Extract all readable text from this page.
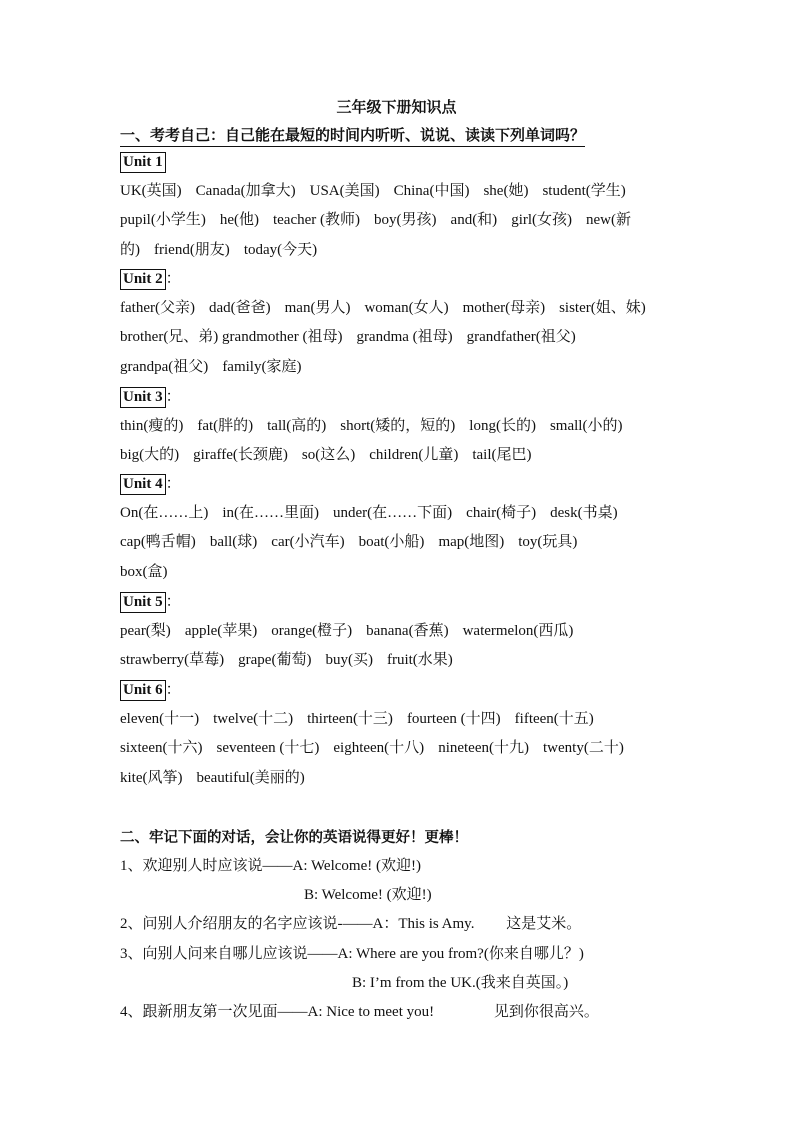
三年级下册知识点
一、考考自己：自己能在最短的时间内听听、说说、读读下列单词吗？
Unit 1
UK(英国) Canada(加拿大) USA(美国) China(中国) she(她) student(学生)
pupil(小学生) he(他) teacher (教师) boy(男孩) and(和) girl(女孩) new(新
的) friend(朋友) today(今天)
Unit 2 ：
father(父亲) dad(爸爸) man(男人) woman(女人) mother(母亲) sister(姐、妹)
brother(兄、弟) grandmother (祖母) grandma (祖母) grandfather(祖父)
grandpa(祖父) family(家庭)
Unit 3 ：
thin(瘦的) fat(胖的) tall(高的) short(矮的，短的) long(长的) small(小的)
big(大的) giraffe(长颈鹿) so(这么) children(儿童) tail(尾巴)
Unit 4 ：
On(在……上) in(在……里面) under(在……下面) chair(椅子) desk(书桌)
cap(鸭舌帽) ball(球) car(小汽车) boat(小船) map(地图) toy(玩具)
box(盒)
Unit 5 ：
pear(梨) apple(苹果) orange(橙子) banana(香蕉) watermelon(西瓜)
strawberry(草莓) grape(葡萄) buy(买) fruit(水果)
Unit 6 ：
eleven(十一) twelve(十二) thirteen(十三) fourteen (十四) fifteen(十五)
sixteen(十六) seventeen (十七) eighteen(十八) nineteen(十九) twenty(二十)
kite(风筝) beautiful(美丽的)
二、牢记下面的对话，会让你的英语说得更好！更棒！
1、欢迎别人时应该说——A: Welcome! (欢迎!)
B: Welcome! (欢迎!)
2、问别人介绍朋友的名字应该说-——A：This is Amy. 这是艾米。
3、向别人问来自哪儿应该说——A: Where are you from?(你来自哪儿？)
B: I’m from the UK.(我来自英国。)
4、跟新朋友第一次见面——A: Nice to meet you!	见到你很高兴。
